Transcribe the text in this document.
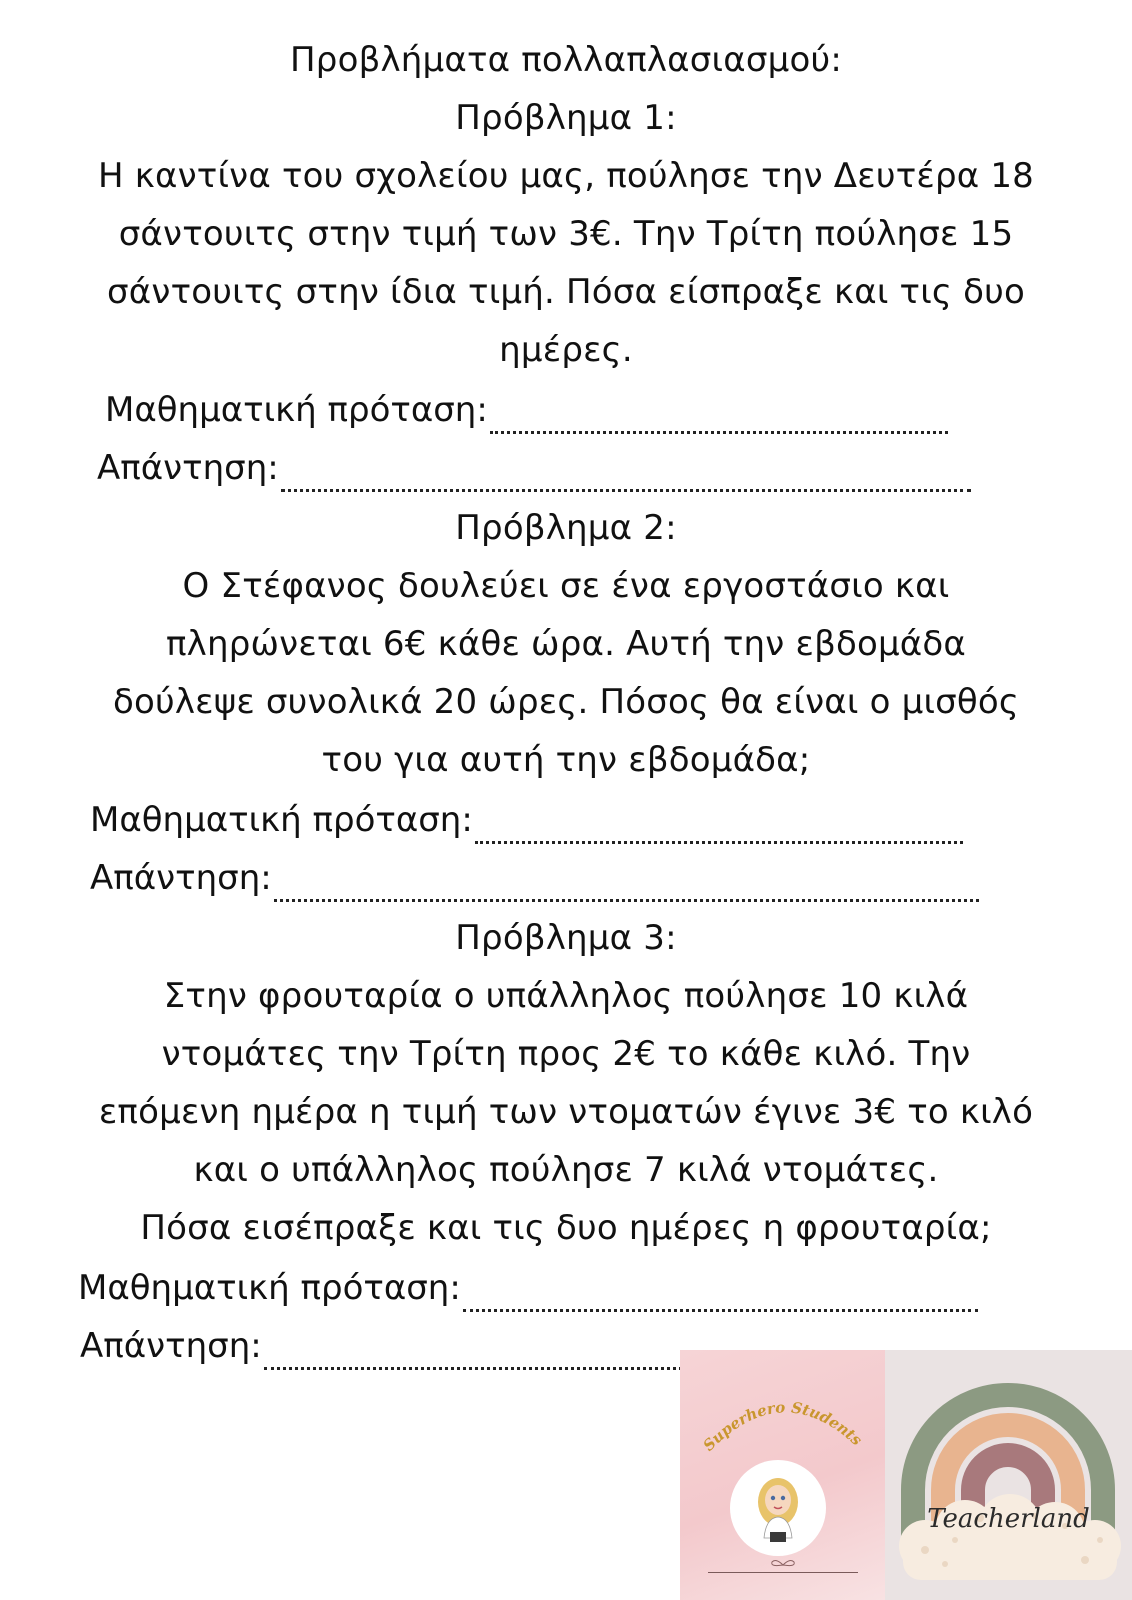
Προβλήματα πολλαπλασιασμού:
Πρόβλημα 1:
Η καντίνα του σχολείου μας, πούλησε την Δευτέρα 18
σάντουιτς στην τιμή των 3€. Την Τρίτη πούλησε 15
σάντουιτς στην ίδια τιμή. Πόσα είσπραξε και τις δυο
ημέρες.
Μαθηματική πρόταση:
Απάντηση:
Πρόβλημα 2:
Ο Στέφανος δουλεύει σε ένα εργοστάσιο και
πληρώνεται 6€ κάθε ώρα. Αυτή την εβδομάδα
δούλεψε συνολικά 20 ώρες. Πόσος θα είναι ο μισθός
του για αυτή την εβδομάδα;
Μαθηματική πρόταση:
Απάντηση:
Πρόβλημα 3:
Στην φρουταρία ο υπάλληλος πούλησε 10 κιλά
ντομάτες την Τρίτη προς 2€ το κάθε κιλό. Την
επόμενη ημέρα η τιμή των ντοματών έγινε 3€ το κιλό
και ο υπάλληλος πούλησε 7 κιλά ντομάτες.
Πόσα εισέπραξε και τις δυο ημέρες η φρουταρία;
Μαθηματική πρόταση:
Απάντηση:
Superhero Students
Teacherland
